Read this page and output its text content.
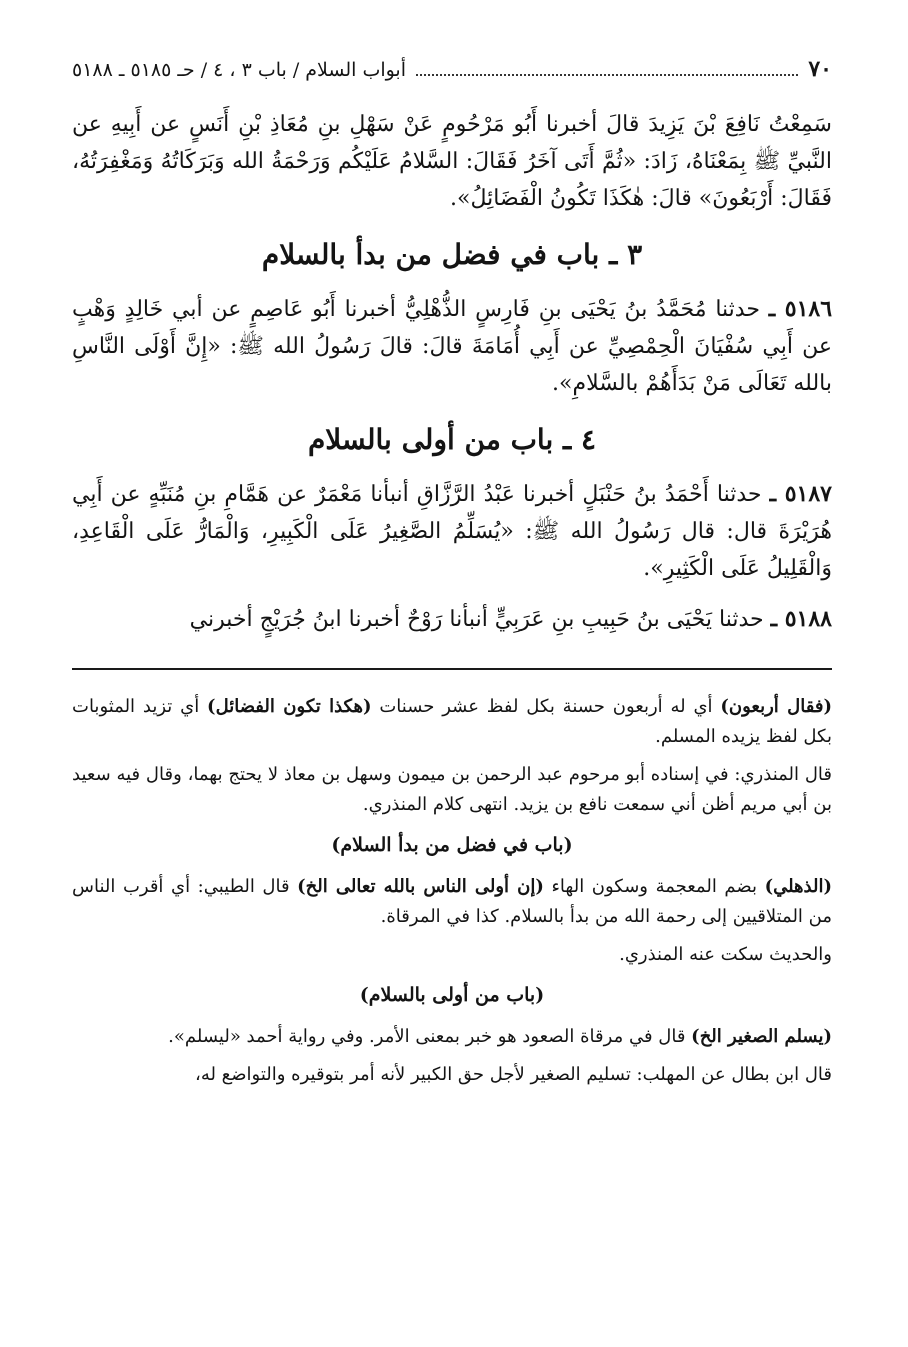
٧٠
أبواب السلام / باب ٣ ، ٤ / حـ ٥١٨٥ ـ ٥١٨٨

سَمِعْتُ نَافِعَ بْنَ يَزِيدَ قالَ أخبرنا أَبُو مَرْحُومٍ عَنْ سَهْلِ بنِ مُعَاذِ بْنِ أَنَسٍ عن أَبِيهِ عن النَّبيِّ ﷺ بِمَعْنَاهُ، زَادَ: «ثُمَّ أَتَى آخَرُ فَقَالَ: السَّلامُ عَلَيْكُم وَرَحْمَةُ الله وَبَرَكَاتُهُ وَمَغْفِرَتُهُ، فَقَالَ: أَرْبَعُونَ» قالَ: هٰكَذَا تَكُونُ الْفَضَائِلُ».

٣ ـ باب في فضل من بدأ بالسلام

٥١٨٦ ـ حدثنا مُحَمَّدُ بنُ يَحْيَى بنِ فَارِسٍ الذُّهْلِيُّ أخبرنا أَبُو عَاصِمٍ عن أبي خَالِدٍ وَهْبٍ عن أَبِي سُفْيَانَ الْحِمْصِيِّ عن أَبِي أُمَامَةَ قالَ: قالَ رَسُولُ الله ﷺ: «إِنَّ أَوْلَى النَّاسِ بالله تَعَالَى مَنْ بَدَأَهُمْ بالسَّلامِ».

٤ ـ باب من أولى بالسلام

٥١٨٧ ـ حدثنا أَحْمَدُ بنُ حَنْبَلٍ أخبرنا عَبْدُ الرَّزَّاقِ أنبأنا مَعْمَرٌ عن هَمَّامِ بنِ مُنَبِّهٍ عن أَبِي هُرَيْرَةَ قال: قال رَسُولُ الله ﷺ: «يُسَلِّمُ الصَّغِيرُ عَلَى الْكَبِيرِ، وَالْمَارُّ عَلَى الْقَاعِدِ، وَالْقَلِيلُ عَلَى الْكَثِيرِ».

٥١٨٨ ـ حدثنا يَحْيَى بنُ حَبِيبِ بنِ عَرَبِيٍّ أنبأنا رَوْحٌ أخبرنا ابنُ جُرَيْجٍ أخبرني

(فقال أربعون) أي له أربعون حسنة بكل لفظ عشر حسنات (هكذا تكون الفضائل) أي تزيد المثوبات بكل لفظ يزيده المسلم.

قال المنذري: في إسناده أبو مرحوم عبد الرحمن بن ميمون وسهل بن معاذ لا يحتج بهما، وقال فيه سعيد بن أبي مريم أظن أني سمعت نافع بن يزيد. انتهى كلام المنذري.

(باب في فضل من بدأ السلام)

(الذهلي) بضم المعجمة وسكون الهاء (إن أولى الناس بالله تعالى الخ) قال الطيبي: أي أقرب الناس من المتلاقيين إلى رحمة الله من بدأ بالسلام. كذا في المرقاة.

والحديث سكت عنه المنذري.

(باب من أولى بالسلام)

(يسلم الصغير الخ) قال في مرقاة الصعود هو خبر بمعنى الأمر. وفي رواية أحمد «ليسلم».

قال ابن بطال عن المهلب: تسليم الصغير لأجل حق الكبير لأنه أمر بتوقيره والتواضع له،
